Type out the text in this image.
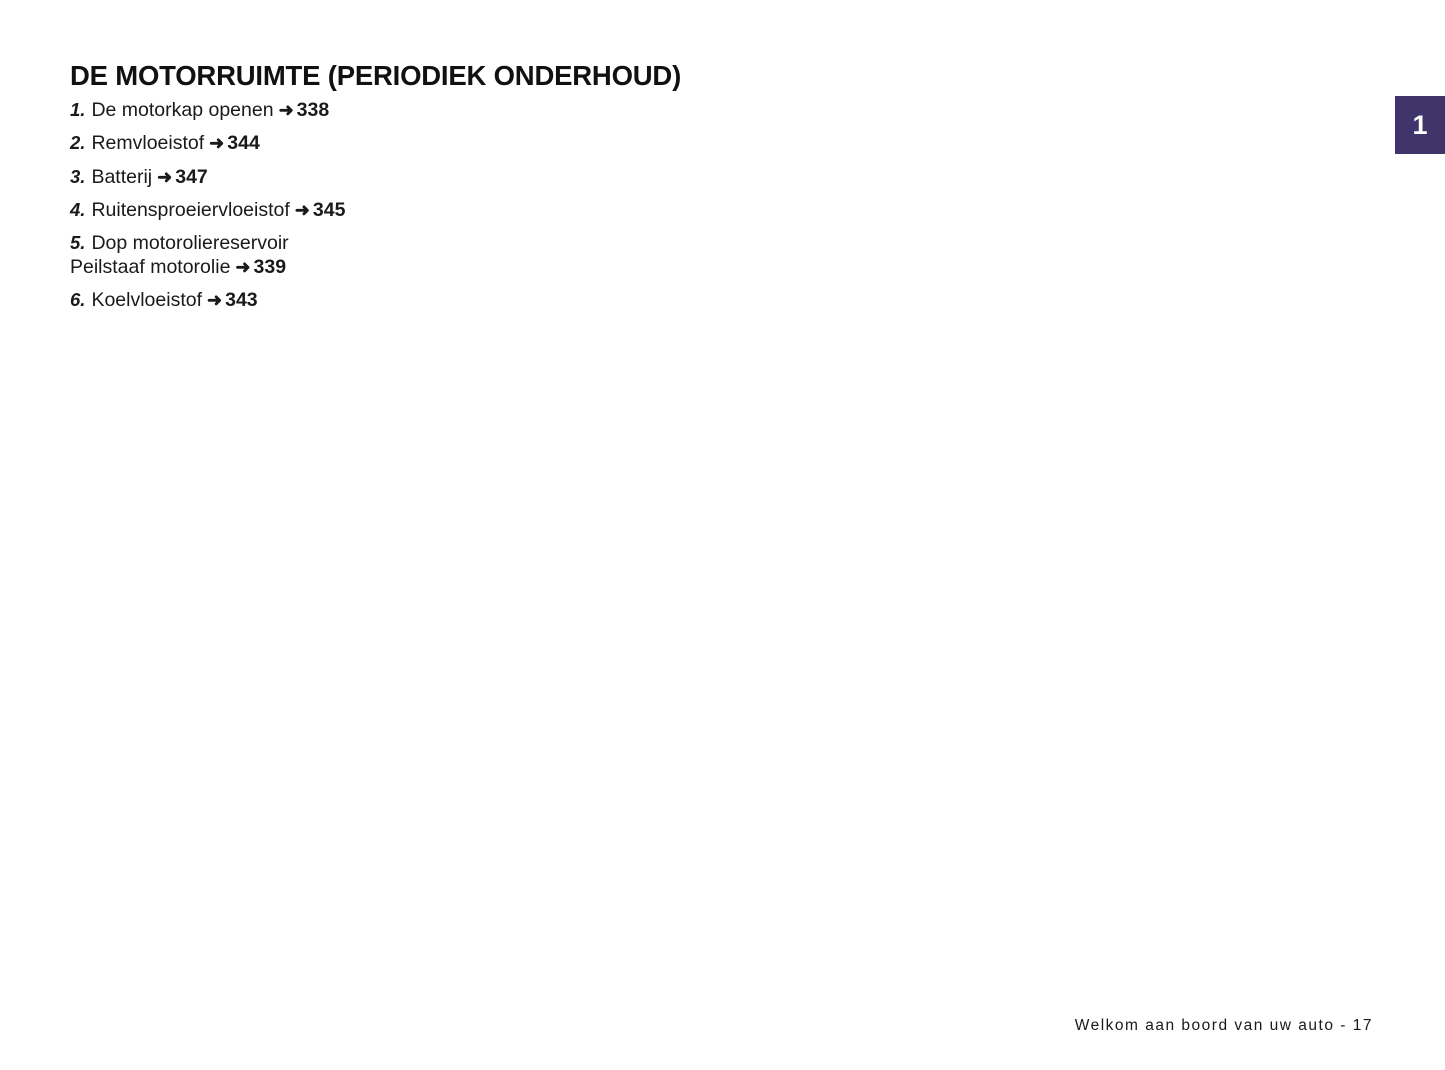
1
DE MOTORRUIMTE (PERIODIEK ONDERHOUD)
1. De motorkap openen ➜ 338
2. Remvloeistof ➜ 344
3. Batterij ➜ 347
4. Ruitensproeiervloeistof ➜ 345
5. Dop motoroliereservoir
Peilstaaf motorolie ➜ 339
6. Koelvloeistof ➜ 343
Welkom aan boord van uw auto - 17
